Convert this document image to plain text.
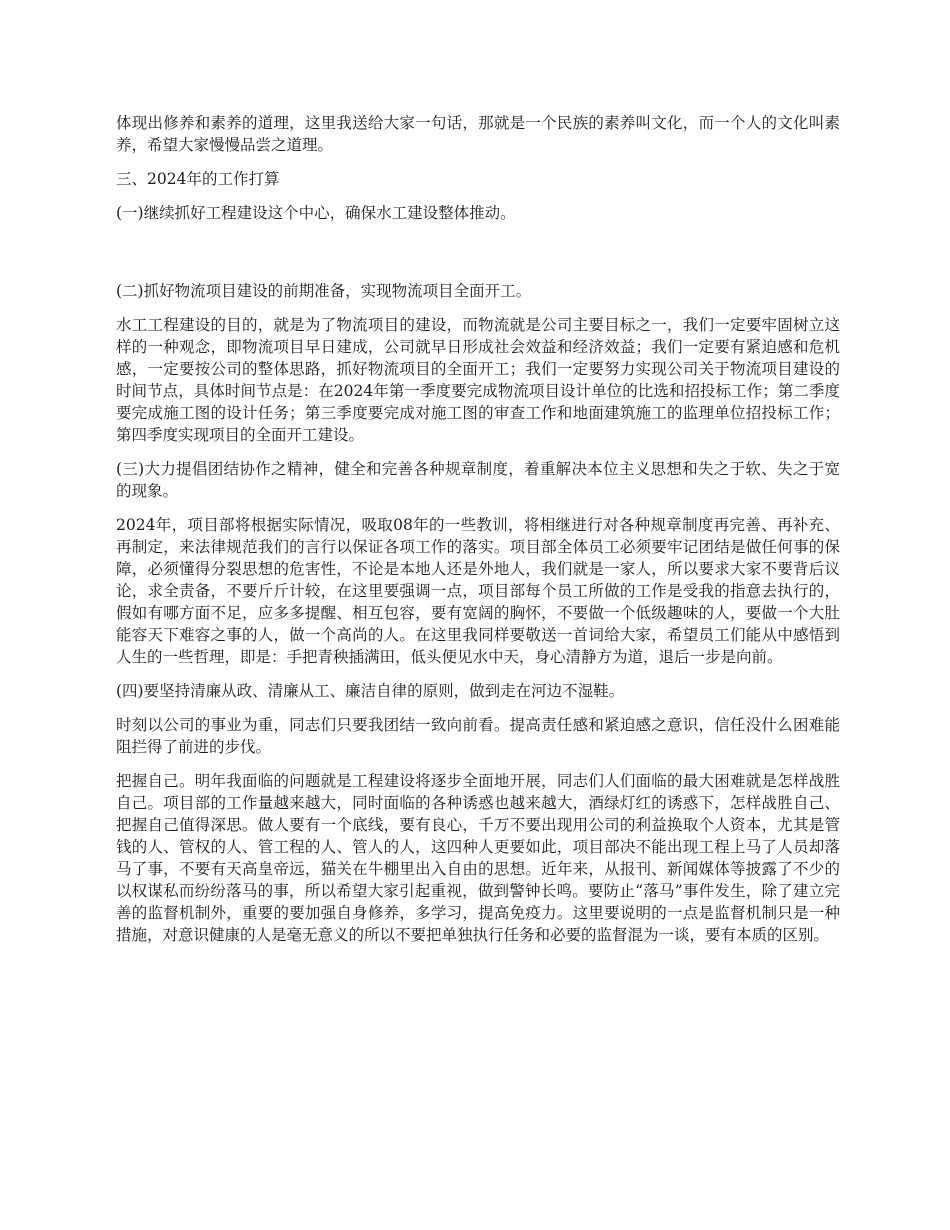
体现出修养和素养的道理，这里我送给大家一句话，那就是一个民族的素养叫文化，而一个人的文化叫素养，希望大家慢慢品尝之道理。

三、2024年的工作打算

(一)继续抓好工程建设这个中心，确保水工建设整体推动。

(二)抓好物流项目建设的前期准备，实现物流项目全面开工。

水工工程建设的目的，就是为了物流项目的建设，而物流就是公司主要目标之一，我们一定要牢固树立这样的一种观念，即物流项目早日建成，公司就早日形成社会效益和经济效益；我们一定要有紧迫感和危机感，一定要按公司的整体思路，抓好物流项目的全面开工；我们一定要努力实现公司关于物流项目建设的时间节点，具体时间节点是：在2024年第一季度要完成物流项目设计单位的比选和招投标工作；第二季度要完成施工图的设计任务；第三季度要完成对施工图的审查工作和地面建筑施工的监理单位招投标工作；第四季度实现项目的全面开工建设。

(三)大力提倡团结协作之精神，健全和完善各种规章制度，着重解决本位主义思想和失之于软、失之于宽的现象。

2024年，项目部将根据实际情况，吸取08年的一些教训，将相继进行对各种规章制度再完善、再补充、再制定，来法律规范我们的言行以保证各项工作的落实。项目部全体员工必须要牢记团结是做任何事的保障，必须懂得分裂思想的危害性，不论是本地人还是外地人，我们就是一家人，所以要求大家不要背后议论，求全责备，不要斤斤计较，在这里要强调一点，项目部每个员工所做的工作是受我的指意去执行的，假如有哪方面不足，应多多提醒、相互包容，要有宽阔的胸怀，不要做一个低级趣味的人，要做一个大肚能容天下难容之事的人，做一个高尚的人。在这里我同样要敬送一首词给大家，希望员工们能从中感悟到人生的一些哲理，即是：手把青秧插满田，低头便见水中天，身心清静方为道，退后一步是向前。

(四)要坚持清廉从政、清廉从工、廉洁自律的原则，做到走在河边不湿鞋。

时刻以公司的事业为重，同志们只要我团结一致向前看。提高责任感和紧迫感之意识，信任没什么困难能阻拦得了前进的步伐。

把握自己。明年我面临的问题就是工程建设将逐步全面地开展，同志们人们面临的最大困难就是怎样战胜自己。项目部的工作量越来越大，同时面临的各种诱惑也越来越大，酒绿灯红的诱惑下，怎样战胜自己、把握自己值得深思。做人要有一个底线，要有良心，千万不要出现用公司的利益换取个人资本，尤其是管钱的人、管权的人、管工程的人、管人的人，这四种人更要如此，项目部决不能出现工程上马了人员却落马了事，不要有天高皇帝远，猫关在牛棚里出入自由的思想。近年来，从报刊、新闻媒体等披露了不少的以权谋私而纷纷落马的事，所以希望大家引起重视，做到警钟长鸣。要防止“落马”事件发生，除了建立完善的监督机制外，重要的要加强自身修养，多学习，提高免疫力。这里要说明的一点是监督机制只是一种措施，对意识健康的人是毫无意义的所以不要把单独执行任务和必要的监督混为一谈，要有本质的区别。
